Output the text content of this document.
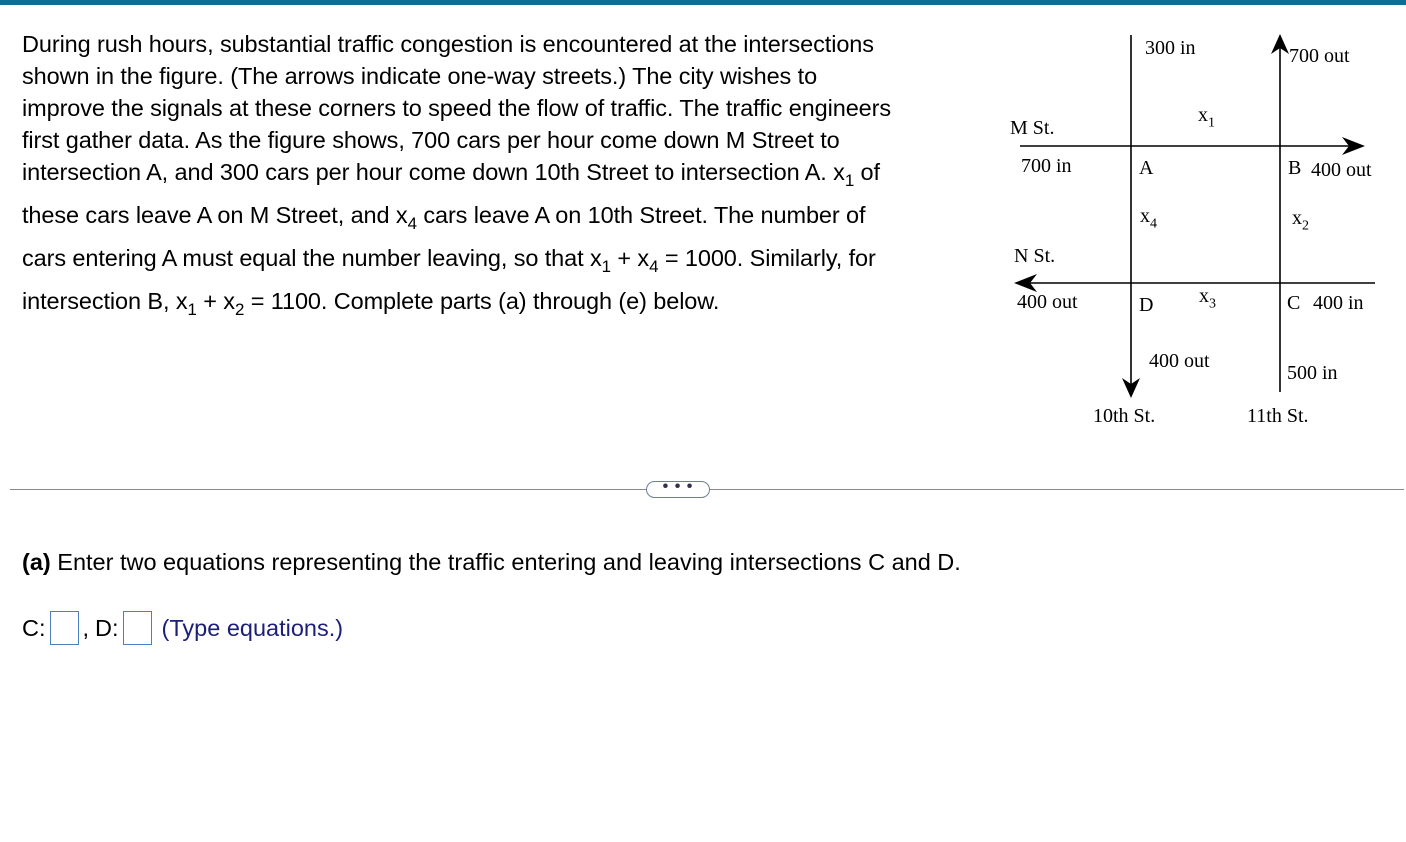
During rush hours, substantial traffic congestion is encountered at the intersections
shown in the figure. (The arrows indicate one-way streets.) The city wishes to
improve the signals at these corners to speed the flow of traffic. The traffic engineers
first gather data. As the figure shows, 700 cars per hour come down M Street to
intersection A, and 300 cars per hour come down 10th Street to intersection A. $x_1$ of
these cars leave A on M Street, and $x_4$ cars leave A on 10th Street. The number of
cars entering A must equal the number leaving, so that $x_1 + x_4 = 1000$. Similarly, for
intersection B, $x_1 + x_2 = 1100$. Complete parts (a) through (e) below.
300 in	700 out
$x_1$
M St.
700 in	A	B 400 out
$x_4$	$x_2$
N St.
400 out	D $x_3$	C 400 in
400 out
500 in
10th St.	11th St.
• • •
(a) Enter two equations representing the traffic entering and leaving intersections C and D.
C: , D: (Type equations.)
